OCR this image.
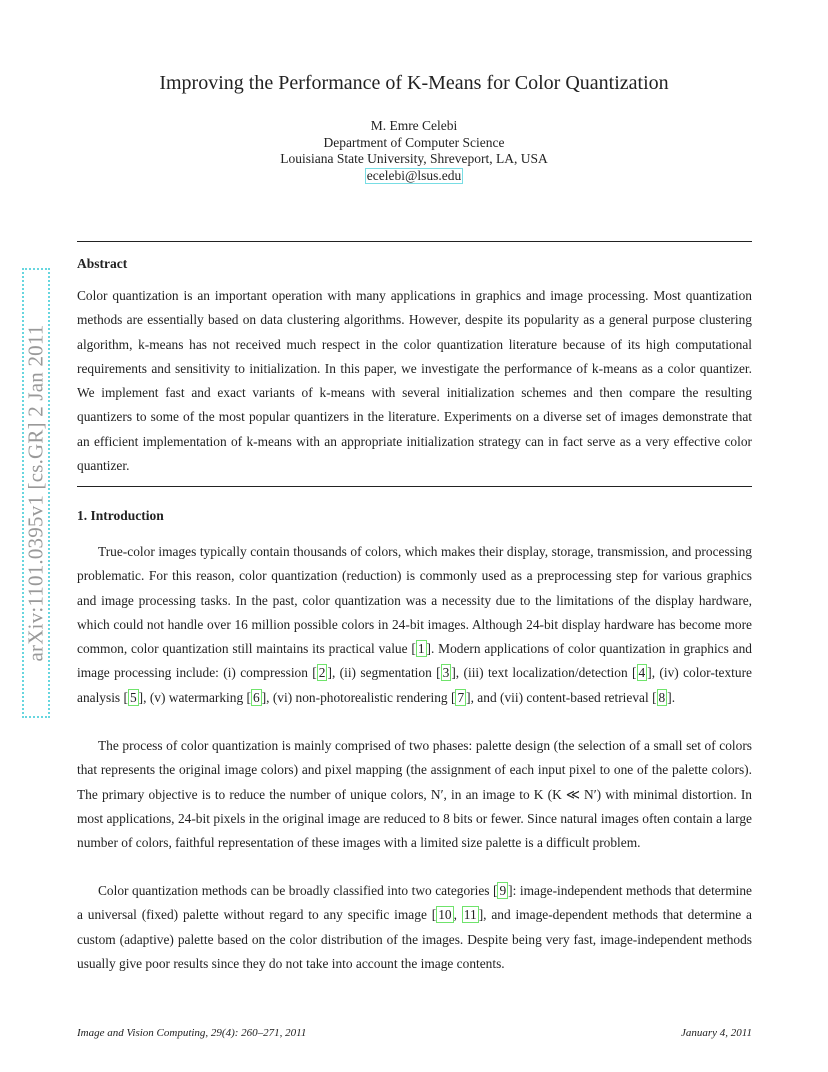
arXiv:1101.0395v1 [cs.GR] 2 Jan 2011
Improving the Performance of K-Means for Color Quantization
M. Emre Celebi
Department of Computer Science
Louisiana State University, Shreveport, LA, USA
ecelebi@lsus.edu
Abstract
Color quantization is an important operation with many applications in graphics and image processing. Most quantization methods are essentially based on data clustering algorithms. However, despite its popularity as a general purpose clustering algorithm, k-means has not received much respect in the color quantization literature because of its high computational requirements and sensitivity to initialization. In this paper, we investigate the performance of k-means as a color quantizer. We implement fast and exact variants of k-means with several initialization schemes and then compare the resulting quantizers to some of the most popular quantizers in the literature. Experiments on a diverse set of images demonstrate that an efficient implementation of k-means with an appropriate initialization strategy can in fact serve as a very effective color quantizer.
1. Introduction
True-color images typically contain thousands of colors, which makes their display, storage, transmission, and processing problematic. For this reason, color quantization (reduction) is commonly used as a preprocessing step for various graphics and image processing tasks. In the past, color quantization was a necessity due to the limitations of the display hardware, which could not handle over 16 million possible colors in 24-bit images. Although 24-bit display hardware has become more common, color quantization still maintains its practical value [ 1 ]. Modern applications of color quantization in graphics and image processing include: (i) compression [ 2 ], (ii) segmentation [ 3 ], (iii) text localization/detection [ 4 ], (iv) color-texture analysis [ 5 ], (v) watermarking [ 6 ], (vi) non-photorealistic rendering [ 7 ], and (vii) content-based retrieval [ 8 ].
The process of color quantization is mainly comprised of two phases: palette design (the selection of a small set of colors that represents the original image colors) and pixel mapping (the assignment of each input pixel to one of the palette colors). The primary objective is to reduce the number of unique colors, N′, in an image to K (K ≪ N′) with minimal distortion. In most applications, 24-bit pixels in the original image are reduced to 8 bits or fewer. Since natural images often contain a large number of colors, faithful representation of these images with a limited size palette is a difficult problem.
Color quantization methods can be broadly classified into two categories [ 9 ]: image-independent methods that determine a universal (fixed) palette without regard to any specific image [ 10 , 11 ], and image-dependent methods that determine a custom (adaptive) palette based on the color distribution of the images. Despite being very fast, image-independent methods usually give poor results since they do not take into account the image contents.
Image and Vision Computing, 29(4): 260–271, 2011	January 4, 2011
